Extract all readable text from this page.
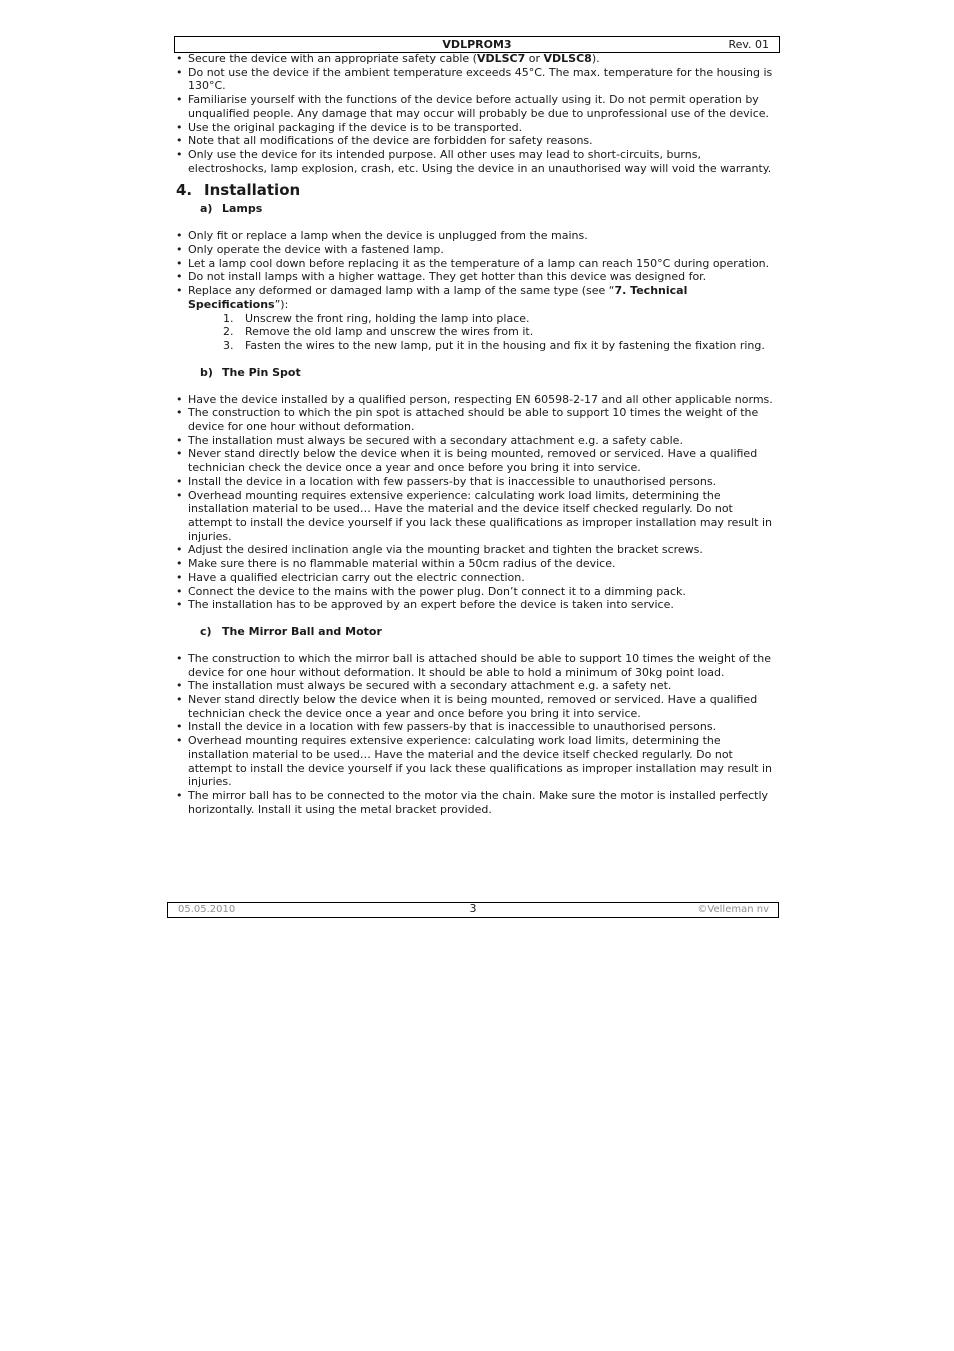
VDLPROM3	Rev. 01
• Secure the device with an appropriate safety cable (VDLSC7 or VDLSC8).
• Do not use the device if the ambient temperature exceeds 45°C. The max. temperature for the housing is 130°C.
• Familiarise yourself with the functions of the device before actually using it. Do not permit operation by unqualified people. Any damage that may occur will probably be due to unprofessional use of the device.
• Use the original packaging if the device is to be transported.
• Note that all modifications of the device are forbidden for safety reasons.
• Only use the device for its intended purpose. All other uses may lead to short-circuits, burns, electroshocks, lamp explosion, crash, etc. Using the device in an unauthorised way will void the warranty.
4. Installation
a) Lamps
• Only fit or replace a lamp when the device is unplugged from the mains.
• Only operate the device with a fastened lamp.
• Let a lamp cool down before replacing it as the temperature of a lamp can reach 150°C during operation.
• Do not install lamps with a higher wattage. They get hotter than this device was designed for.
• Replace any deformed or damaged lamp with a lamp of the same type (see “7. Technical Specifications”):
1. Unscrew the front ring, holding the lamp into place.
2. Remove the old lamp and unscrew the wires from it.
3. Fasten the wires to the new lamp, put it in the housing and fix it by fastening the fixation ring.
b) The Pin Spot
• Have the device installed by a qualified person, respecting EN 60598-2-17 and all other applicable norms.
• The construction to which the pin spot is attached should be able to support 10 times the weight of the device for one hour without deformation.
• The installation must always be secured with a secondary attachment e.g. a safety cable.
• Never stand directly below the device when it is being mounted, removed or serviced. Have a qualified technician check the device once a year and once before you bring it into service.
• Install the device in a location with few passers-by that is inaccessible to unauthorised persons.
• Overhead mounting requires extensive experience: calculating work load limits, determining the installation material to be used… Have the material and the device itself checked regularly. Do not attempt to install the device yourself if you lack these qualifications as improper installation may result in injuries.
• Adjust the desired inclination angle via the mounting bracket and tighten the bracket screws.
• Make sure there is no flammable material within a 50cm radius of the device.
• Have a qualified electrician carry out the electric connection.
• Connect the device to the mains with the power plug. Don’t connect it to a dimming pack.
• The installation has to be approved by an expert before the device is taken into service.
c) The Mirror Ball and Motor
• The construction to which the mirror ball is attached should be able to support 10 times the weight of the device for one hour without deformation. It should be able to hold a minimum of 30kg point load.
• The installation must always be secured with a secondary attachment e.g. a safety net.
• Never stand directly below the device when it is being mounted, removed or serviced. Have a qualified technician check the device once a year and once before you bring it into service.
• Install the device in a location with few passers-by that is inaccessible to unauthorised persons.
• Overhead mounting requires extensive experience: calculating work load limits, determining the installation material to be used… Have the material and the device itself checked regularly. Do not attempt to install the device yourself if you lack these qualifications as improper installation may result in injuries.
• The mirror ball has to be connected to the motor via the chain. Make sure the motor is installed perfectly horizontally. Install it using the metal bracket provided.
05.05.2010	3	©Velleman nv
